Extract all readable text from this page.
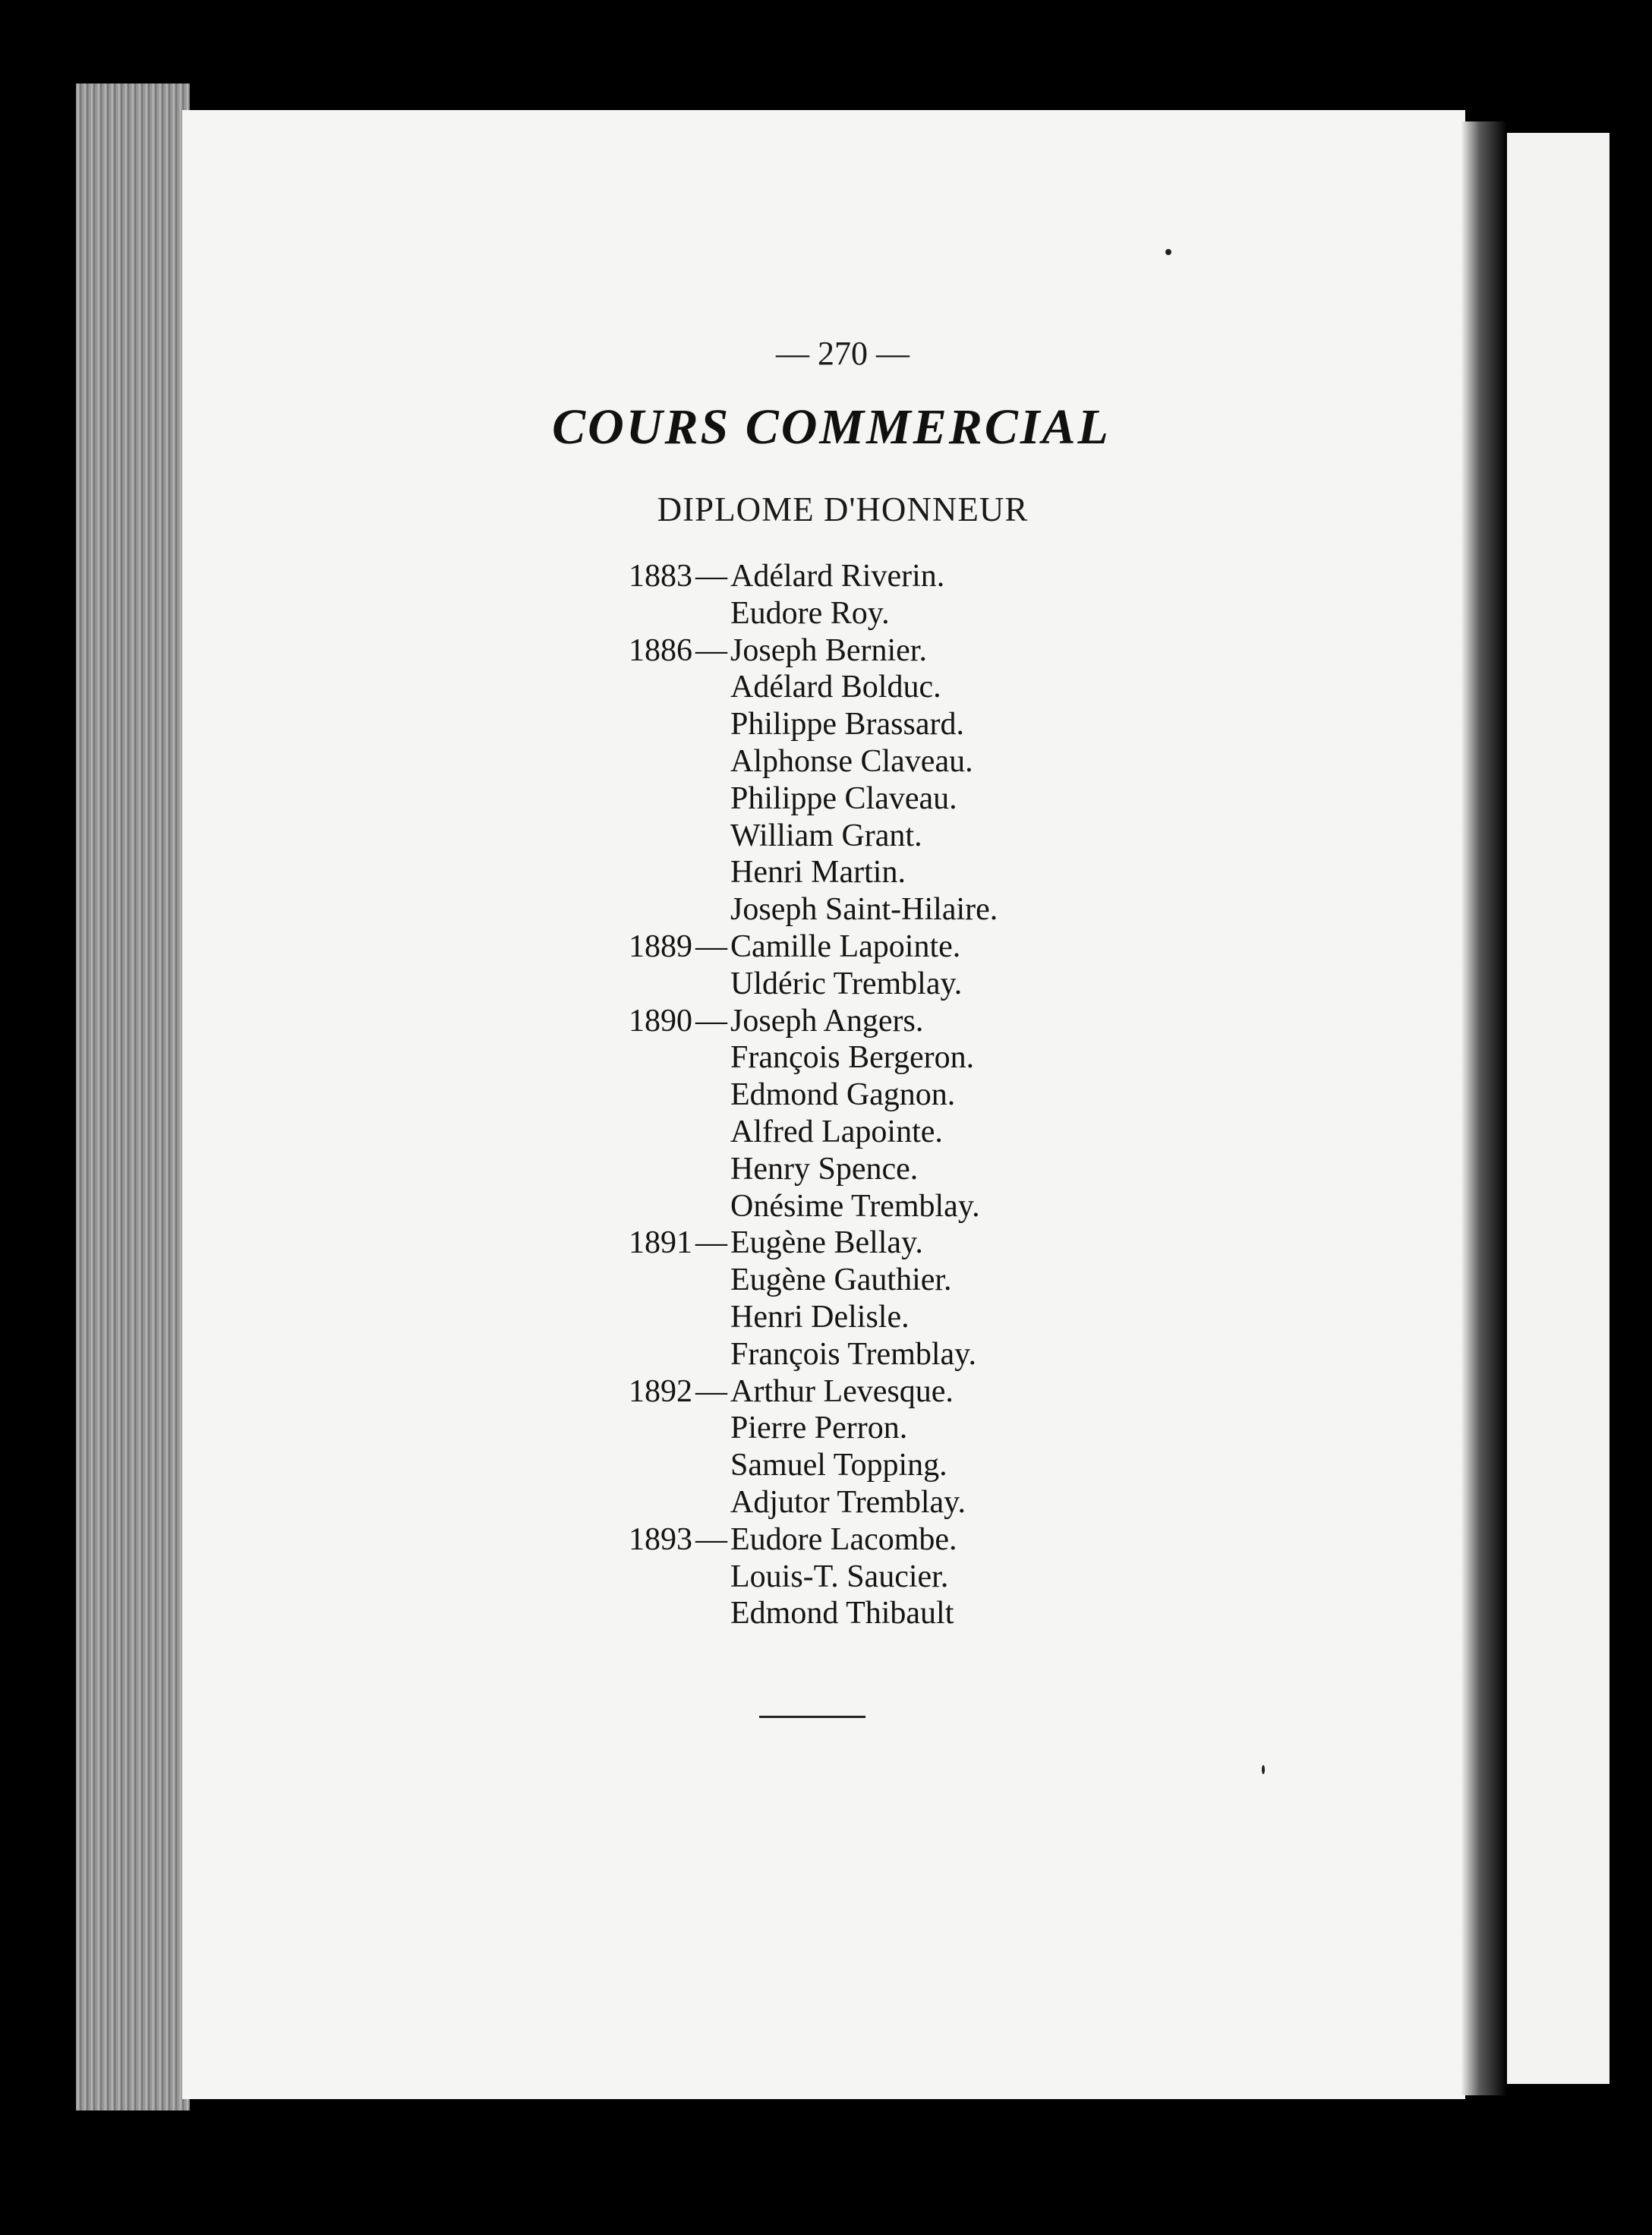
— 270 —
COURS COMMERCIAL
DIPLOME D'HONNEUR
1883 — Adélard Riverin.
Eudore Roy.
1886 — Joseph Bernier.
Adélard Bolduc.
Philippe Brassard.
Alphonse Claveau.
Philippe Claveau.
William Grant.
Henri Martin.
Joseph Saint-Hilaire.
1889 — Camille Lapointe.
Uldéric Tremblay.
1890 — Joseph Angers.
François Bergeron.
Edmond Gagnon.
Alfred Lapointe.
Henry Spence.
Onésime Tremblay.
1891 — Eugène Bellay.
Eugène Gauthier.
Henri Delisle.
François Tremblay.
1892 — Arthur Levesque.
Pierre Perron.
Samuel Topping.
Adjutor Tremblay.
1893 — Eudore Lacombe.
Louis-T. Saucier.
Edmond Thibault
